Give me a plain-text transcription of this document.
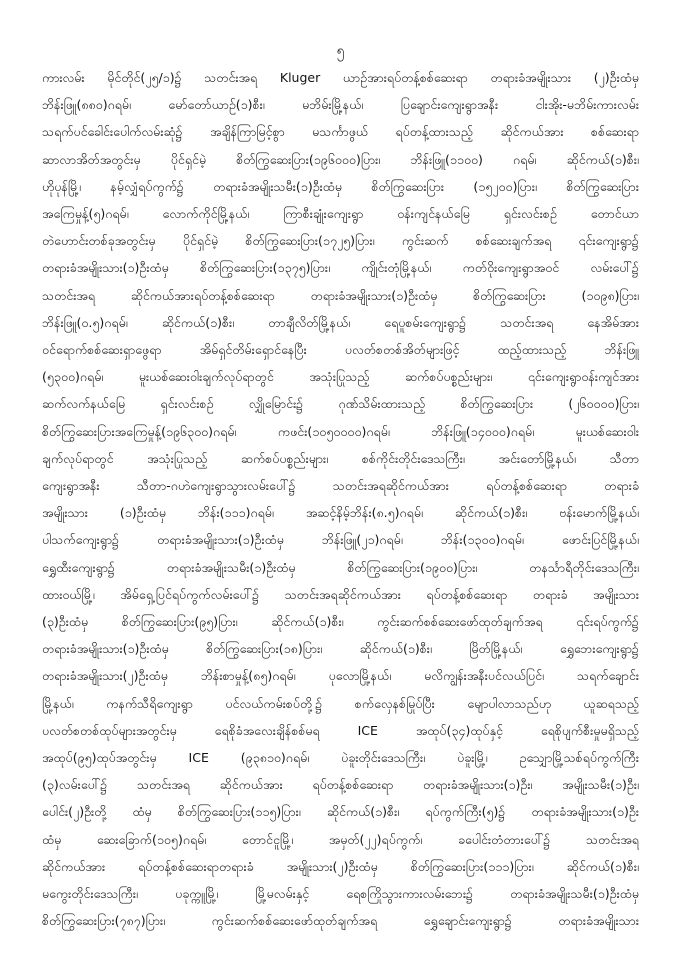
၅
ကားလမ်း မိုင်တိုင်(၂၅/၁)၌ သတင်းအရ Kluger ယာဉ်အားရပ်တန့်စစ်ဆေးရာ တရားခံအမျိုးသား (၂)ဦးထံမှ
ဘိန်းဖြူ(၈၈၀)ဂရမ်၊ မော်တော်ယာဉ်(၁)စီး၊ မဘိမ်းမြို့နယ်၊ ပြချောင်းကျေးရွာအနီး ငါးအိုး-မဘိမ်းကားလမ်း
သရက်ပင်ခေါင်းပေါက်လမ်းဆုံ၌ အချိန်ကြာမြင့်စွာ မသင်္ကာဖွယ် ရပ်တန့်ထားသည့် ဆိုင်ကယ်အား စစ်ဆေးရာ
ဆာလာအိတ်အတွင်းမှ ပိုင်ရှင်မဲ့ စိတ်ကြွဆေးပြား(၁၉၆၀၀၀)ပြား၊ ဘိန်းဖြူ(၁၁၀၀) ဂရမ်၊ ဆိုင်ကယ်(၁)စီး၊
ဟိုပုန်မြို့၊ နမ့်လျှံရပ်ကွက်၌ တရားခံအမျိုးသမီး(၁)ဦးထံမှ စိတ်ကြွဆေးပြား (၁၅၂၀၀)ပြား၊ စိတ်ကြွဆေးပြား
အကြေမှုန့်(၅)ဂရမ်၊ လောက်ကိုင်မြို့နယ်၊ ကြာစီးချုံးကျေးရွာ ဝန်းကျင်နယ်မြေ ရှင်းလင်းစဉ် တောင်ယာ
တဲဟောင်းတစ်ခုအတွင်းမှ ပိုင်ရှင်မဲ့ စိတ်ကြွဆေးပြား(၁၇၂၅)ပြား၊ ကွင်းဆက် စစ်ဆေးချက်အရ ၎င်းကျေးရွာ၌
တရားခံအမျိုးသား(၁)ဦးထံမှ စိတ်ကြွဆေးပြား(၁၃၇၅)ပြား၊ ကျိုင်းတုံမြို့နယ်၊ ကတ်ဝိုးကျေးရွာအဝင် လမ်းပေါ်၌
သတင်းအရ ဆိုင်ကယ်အားရပ်တန့်စစ်ဆေးရာ တရားခံအမျိုးသား(၁)ဦးထံမှ စိတ်ကြွဆေးပြား (၁၀၉၈)ပြား၊
ဘိန်းဖြူ(၀.၅)ဂရမ်၊ ဆိုင်ကယ်(၁)စီး၊ တာချီလိတ်မြို့နယ်၊ ရေပူစမ်းကျေးရွာ၌ သတင်းအရ နေအိမ်အား
ဝင်ရောက်စစ်ဆေးရှာဖွေရာ အိမ်ရှင်တိမ်းရှောင်နေပြီး ပလတ်စတစ်အိတ်များဖြင့် ထည့်ထားသည့် ဘိန်းဖြူ
(၅၃၀၀)ဂရမ်၊ မူးယစ်ဆေးဝါးချက်လုပ်ရာတွင် အသုံးပြုသည့် ဆက်စပ်ပစ္စည်းများ၊ ၎င်းကျေးရွာဝန်းကျင်အား
ဆက်လက်နယ်မြေ ရှင်းလင်းစဉ် လျှိုမြောင်း၌ ဂုဏ်သိမ်းထားသည့် စိတ်ကြွဆေးပြား (၂၆၀၀၀၀)ပြား၊
စိတ်ကြွဆေးပြားအကြေမှုန့်(၁၉၆၃၀၀)ဂရမ်၊ ကဖင်း(၁၀၅၀၀၀၀)ဂရမ်၊ ဘိန်းဖြူ(၁၄၀၀၀)ဂရမ်၊ မူးယစ်ဆေးဝါး
ချက်လုပ်ရာတွင် အသုံးပြုသည့် ဆက်စပ်ပစ္စည်းများ၊ စစ်ကိုင်းတိုင်းဒေသကြီး၊ အင်းတော်မြို့နယ်၊ သီတာ
ကျေးရွာအနီး သီတာ-ဂဟဲကျေးရွာသွားလမ်းပေါ်၌ သတင်းအရဆိုင်ကယ်အား ရပ်တန့်စစ်ဆေးရာ တရားခံ
အမျိုးသား (၁)ဦးထံမှ ဘိန်း(၁၁၁)ဂရမ်၊ အဆင့်နိမ့်ဘိန်း(၈.၅)ဂရမ်၊ ဆိုင်ကယ်(၁)စီး၊ ဗန်းမောက်မြို့နယ်၊
ပါသက်ကျေးရွာ၌ တရားခံအမျိုးသား(၁)ဦးထံမှ ဘိန်းဖြူ(၂၁)ဂရမ်၊ ဘိန်း(၁၃၀၀)ဂရမ်၊ ဖောင်းပြင်မြို့နယ်၊
ရွှေထီးကျေးရွာ၌ တရားခံအမျိုးသမီး(၁)ဦးထံမှ စိတ်ကြွဆေးပြား(၁၉၀၀)ပြား၊ တနင်္သာရီတိုင်းဒေသကြီး၊
ထားဝယ်မြို့၊ အိမ်ရှေ့ပြင်ရပ်ကွက်လမ်းပေါ်၌ သတင်းအရဆိုင်ကယ်အား ရပ်တန့်စစ်ဆေးရာ တရားခံ အမျိုးသား
(၃)ဦးထံမှ စိတ်ကြွဆေးပြား(၉၅)ပြား၊ ဆိုင်ကယ်(၁)စီး၊ ကွင်းဆက်စစ်ဆေးဖော်ထုတ်ချက်အရ ၎င်းရပ်ကွက်၌
တရားခံအမျိုးသား(၁)ဦးထံမှ စိတ်ကြွဆေးပြား(၁၈)ပြား၊ ဆိုင်ကယ်(၁)စီး၊ မြိတ်မြို့နယ်၊ ရွှေဘေးကျေးရွာ၌
တရားခံအမျိုးသား(၂)ဦးထံမှ ဘိန်းစာမှုန့်(၈၅)ဂရမ်၊ ပုလောမြို့နယ်၊ မလိကျွန်းအနီးပင်လယ်ပြင်၊ သရက်ချောင်း
မြို့နယ်၊ ကနက်သီရိကျေးရွာ ပင်လယ်ကမ်းစပ်တို့၌ စက်လှေနစ်မြုပ်ပြီး မျောပါလာသည်ဟု ယူဆရသည့်
ပလတ်စတစ်ထုပ်များအတွင်းမှ ရေစိုခံအလေးချိန်စစ်မရ ICE အထုပ်(၃၄)ထုပ်နှင့် ရေစိုပျက်စီးမှုမရှိသည့်
အထုပ်(၉၅)ထုပ်အတွင်းမှ ICE (၉၃၈၁၀)ဂရမ်၊ ပဲခူးတိုင်းဒေသကြီး၊ ပဲခူးမြို့၊ ဥသျှောမြို့သစ်ရပ်ကွက်ကြီး
(၃)လမ်းပေါ်၌ သတင်းအရ ဆိုင်ကယ်အား ရပ်တန့်စစ်ဆေးရာ တရားခံအမျိုးသား(၁)ဦး၊ အမျိုးသမီး(၁)ဦး၊
ပေါင်း(၂)ဦးတို့ ထံမှ စိတ်ကြွဆေးပြား(၁၁၅)ပြား၊ ဆိုင်ကယ်(၁)စီး၊ ရပ်ကွက်ကြီး(၅)၌ တရားခံအမျိုးသား(၁)ဦး
ထံမှ ဆေးခြောက်(၁၀၅)ဂရမ်၊ တောင်ငူမြို့၊ အမှတ်(၂၂)ရပ်ကွက်၊ ခပေါင်းတံတားပေါ်၌ သတင်းအရ
ဆိုင်ကယ်အား ရပ်တန့်စစ်ဆေးရာတရားခံ အမျိုးသား(၂)ဦးထံမှ စိတ်ကြွဆေးပြား(၁၁၁)ပြား၊ ဆိုင်ကယ်(၁)စီး၊
မကွေးတိုင်းဒေသကြီး၊ ပခုက္ကူမြို့၊ မြို့မလမ်းနှင့် ရေစကြိုသွားကားလမ်းဘေး၌ တရားခံအမျိုးသမီး(၁)ဦးထံမှ
စိတ်ကြွဆေးပြား(၇၈၇)ပြား၊ ကွင်းဆက်စစ်ဆေးဖော်ထုတ်ချက်အရ ရွှေချောင်းကျေးရွာ၌ တရားခံအမျိုးသား
